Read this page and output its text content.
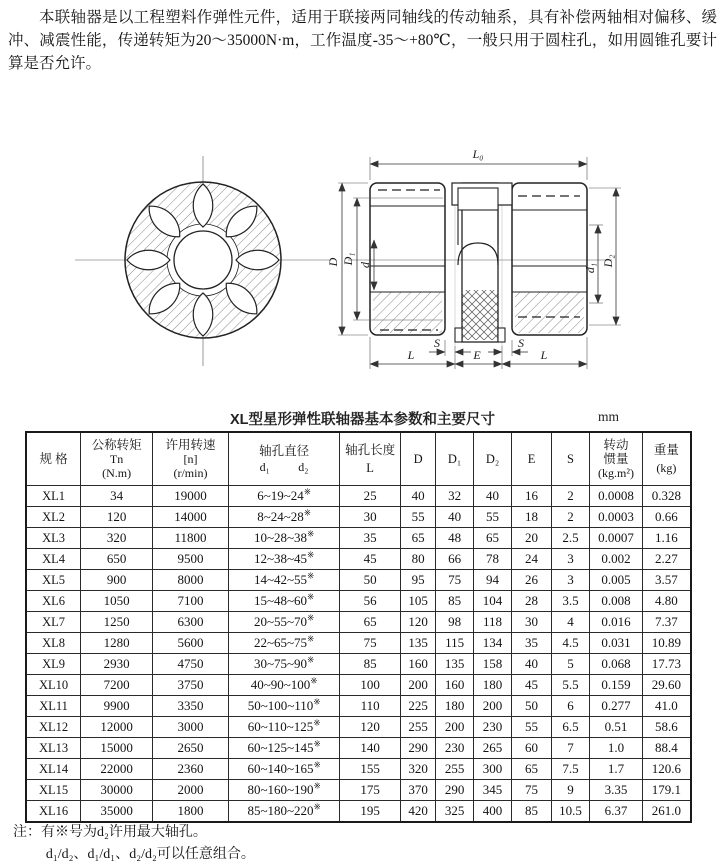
本联轴器是以工程塑料作弹性元件，适用于联接两同轴线的传动轴系，具有补偿两轴相对偏移、缓冲、减震性能，传递转矩为20～35000N·m，工作温度-35～+80℃，一般只用于圆柱孔，如用圆锥孔要计算是否允许。

L₀
D D₁ d	d₁
D₂
S	S
L	E	L
XL型星形弹性联轴器基本参数和主要尺寸	mm
规 格	公称转矩
Tn
(N.m)	许用转速
[n]
(r/min)	轴孔直径
d₁ d₂	轴孔长度
L	D	D₁	D₂	E	S	转动
惯量
(kg.m²)	重量
(kg)

XL1	34	19000	6~19~24※	25	40	32	40	16	2	0.0008	0.328
XL2	120	14000	8~24~28※	30	55	40	55	18	2	0.0003	0.66
XL3	320	11800	10~28~38※	35	65	48	65	20	2.5	0.0007	1.16
XL4	650	9500	12~38~45※	45	80	66	78	24	3	0.002	2.27
XL5	900	8000	14~42~55※	50	95	75	94	26	3	0.005	3.57
XL6	1050	7100	15~48~60※	56	105	85	104	28	3.5	0.008	4.80
XL7	1250	6300	20~55~70※	65	120	98	118	30	4	0.016	7.37
XL8	1280	5600	22~65~75※	75	135	115	134	35	4.5	0.031	10.89
XL9	2930	4750	30~75~90※	85	160	135	158	40	5	0.068	17.73
XL10	7200	3750	40~90~100※	100	200	160	180	45	5.5	0.159	29.60
XL11	9900	3350	50~100~110※	110	225	180	200	50	6	0.277	41.0
XL12	12000	3000	60~110~125※	120	255	200	230	55	6.5	0.51	58.6
XL13	15000	2650	60~125~145※	140	290	230	265	60	7	1.0	88.4
XL14	22000	2360	60~140~165※	155	320	255	300	65	7.5	1.7	120.6
XL15	30000	2000	80~160~190※	175	370	290	345	75	9	3.35	179.1
XL16	35000	1800	85~180~220※	195	420	325	400	85	10.5	6.37	261.0
注：有※号为d₂许用最大轴孔。
d₁/d₂、d₁/d₁、d₂/d₂可以任意组合。
